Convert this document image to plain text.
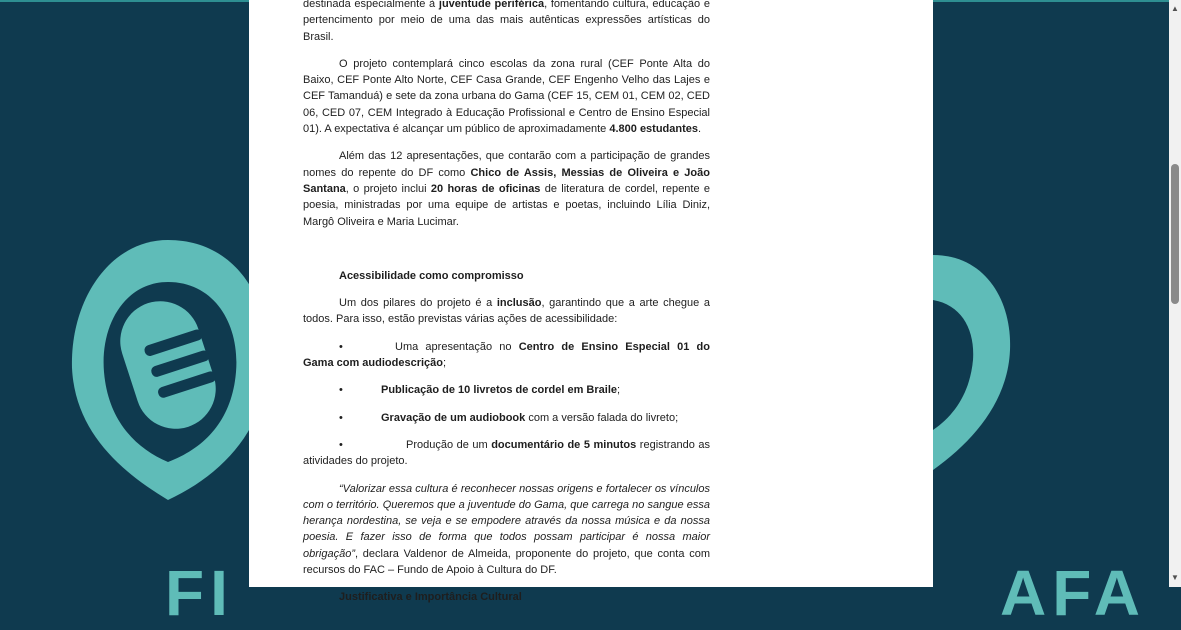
FI	AFA

destinada especialmente à juventude periférica, fomentando cultura, educação e pertencimento por meio de uma das mais autênticas expressões artísticas do Brasil.

O projeto contemplará cinco escolas da zona rural (CEF Ponte Alta do Baixo, CEF Ponte Alto Norte, CEF Casa Grande, CEF Engenho Velho das Lajes e CEF Tamanduá) e sete da zona urbana do Gama (CEF 15, CEM 01, CEM 02, CED 06, CED 07, CEM Integrado à Educação Profissional e Centro de Ensino Especial 01). A expectativa é alcançar um público de aproximadamente 4.800 estudantes.

Além das 12 apresentações, que contarão com a participação de grandes nomes do repente do DF como Chico de Assis, Messias de Oliveira e João Santana, o projeto inclui 20 horas de oficinas de literatura de cordel, repente e poesia, ministradas por uma equipe de artistas e poetas, incluindo Lília Diniz, Margô Oliveira e Maria Lucimar.

Acessibilidade como compromisso

Um dos pilares do projeto é a inclusão, garantindo que a arte chegue a todos. Para isso, estão previstas várias ações de acessibilidade:

•	Uma apresentação no Centro de Ensino Especial 01 do Gama com audiodescrição;

•	Publicação de 10 livretos de cordel em Braile;

•	Gravação de um audiobook com a versão falada do livreto;

•	Produção de um documentário de 5 minutos registrando as atividades do projeto.

“Valorizar essa cultura é reconhecer nossas origens e fortalecer os vínculos com o território. Queremos que a juventude do Gama, que carrega no sangue essa herança nordestina, se veja e se empodere através da nossa música e da nossa poesia. E fazer isso de forma que todos possam participar é nossa maior obrigação”, declara Valdenor de Almeida, proponente do projeto, que conta com recursos do FAC – Fundo de Apoio à Cultura do DF.

Justificativa e Importância Cultural

▲
▼
